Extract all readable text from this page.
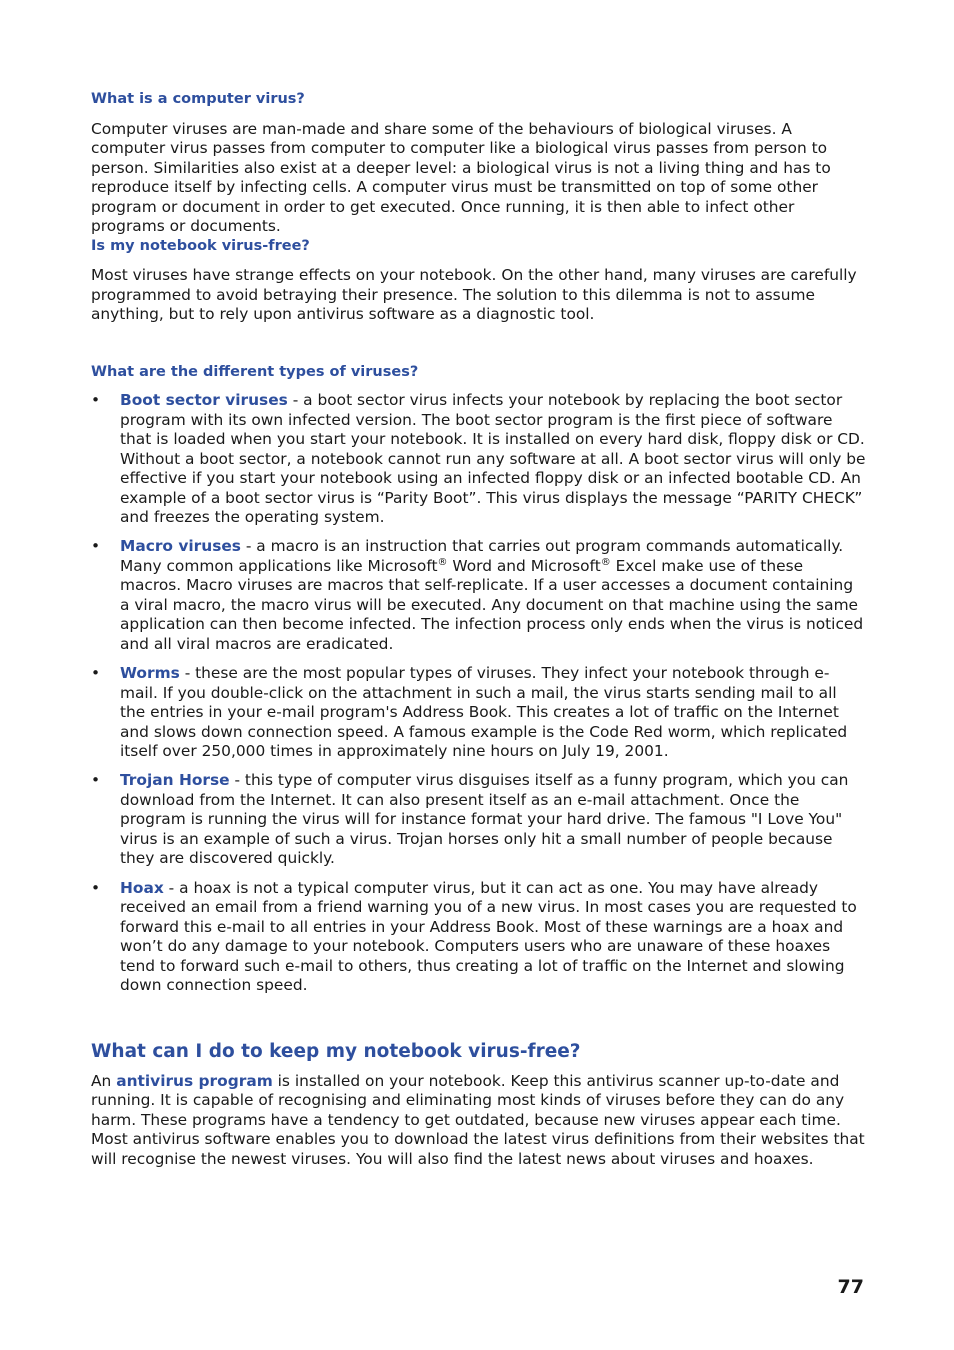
What is a computer virus?

Computer viruses are man-made and share some of the behaviours of biological viruses. A computer virus passes from computer to computer like a biological virus passes from person to person. Similarities also exist at a deeper level: a biological virus is not a living thing and has to reproduce itself by infecting cells. A computer virus must be transmitted on top of some other program or document in order to get executed. Once running, it is then able to infect other programs or documents.

Is my notebook virus-free?

Most viruses have strange effects on your notebook. On the other hand, many viruses are carefully programmed to avoid betraying their presence. The solution to this dilemma is not to assume anything, but to rely upon antivirus software as a diagnostic tool.

What are the different types of viruses?
• Boot sector viruses - a boot sector virus infects your notebook by replacing the boot sector program with its own infected version. The boot sector program is the first piece of software that is loaded when you start your notebook. It is installed on every hard disk, floppy disk or CD. Without a boot sector, a notebook cannot run any software at all. A boot sector virus will only be effective if you start your notebook using an infected floppy disk or an infected bootable CD. An example of a boot sector virus is “Parity Boot”. This virus displays the message “PARITY CHECK” and freezes the operating system.
• Macro viruses - a macro is an instruction that carries out program commands automatically. Many common applications like Microsoft® Word and Microsoft® Excel make use of these macros. Macro viruses are macros that self-replicate. If a user accesses a document containing a viral macro, the macro virus will be executed. Any document on that machine using the same application can then become infected. The infection process only ends when the virus is noticed and all viral macros are eradicated.
• Worms - these are the most popular types of viruses. They infect your notebook through e-mail. If you double-click on the attachment in such a mail, the virus starts sending mail to all the entries in your e-mail program's Address Book. This creates a lot of traffic on the Internet and slows down connection speed. A famous example is the Code Red worm, which replicated itself over 250,000 times in approximately nine hours on July 19, 2001.
• Trojan Horse - this type of computer virus disguises itself as a funny program, which you can download from the Internet. It can also present itself as an e-mail attachment. Once the program is running the virus will for instance format your hard drive. The famous "I Love You" virus is an example of such a virus. Trojan horses only hit a small number of people because they are discovered quickly.
• Hoax - a hoax is not a typical computer virus, but it can act as one. You may have already received an email from a friend warning you of a new virus. In most cases you are requested to forward this e-mail to all entries in your Address Book. Most of these warnings are a hoax and won’t do any damage to your notebook. Computers users who are unaware of these hoaxes tend to forward such e-mail to others, thus creating a lot of traffic on the Internet and slowing down connection speed.
What can I do to keep my notebook virus-free?

An antivirus program is installed on your notebook. Keep this antivirus scanner up-to-date and running. It is capable of recognising and eliminating most kinds of viruses before they can do any harm. These programs have a tendency to get outdated, because new viruses appear each time. Most antivirus software enables you to download the latest virus definitions from their websites that will recognise the newest viruses. You will also find the latest news about viruses and hoaxes.

77
